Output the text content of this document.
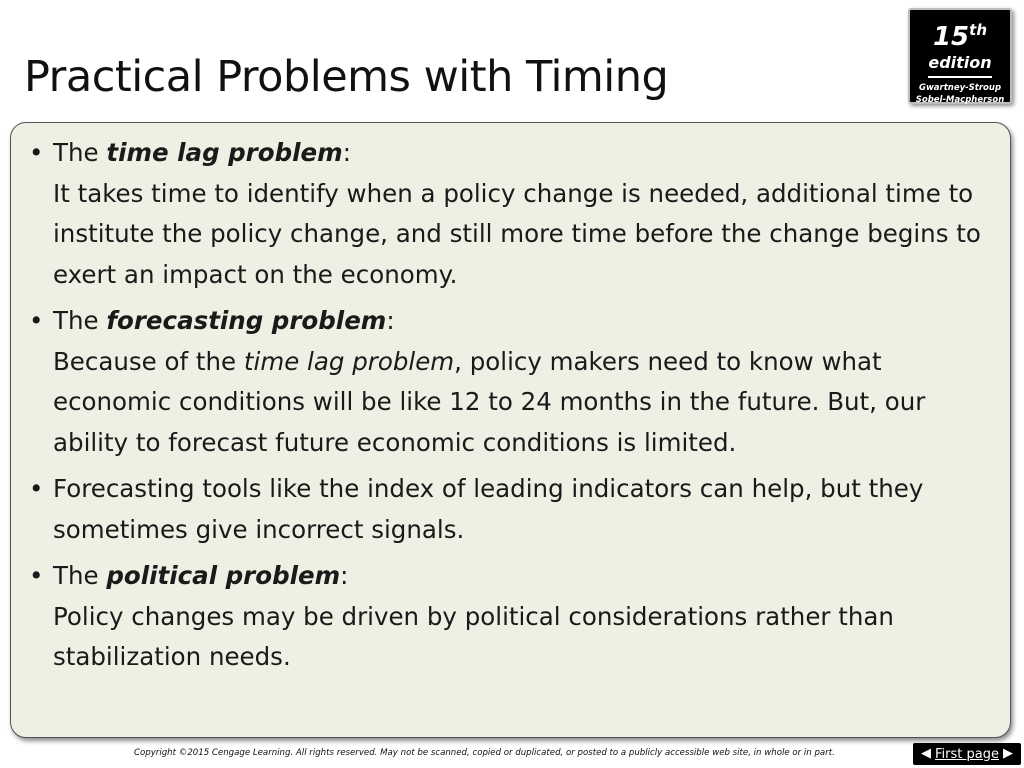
Practical Problems with Timing
15th
edition
Gwartney-Stroup
Sobel-Macpherson
• The time lag problem:
It takes time to identify when a policy change is needed, additional time to institute the policy change, and still more time before the change begins to exert an impact on the economy.
• The forecasting problem:
Because of the time lag problem, policy makers need to know what economic conditions will be like 12 to 24 months in the future. But, our ability to forecast future economic conditions is limited.
• Forecasting tools like the index of leading indicators can help, but they sometimes give incorrect signals.
• The political problem:
Policy changes may be driven by political considerations rather than stabilization needs.
Copyright ©2015 Cengage Learning. All rights reserved. May not be scanned, copied or duplicated, or posted to a publicly accessible web site, in whole or in part.	◀ First page ▶
